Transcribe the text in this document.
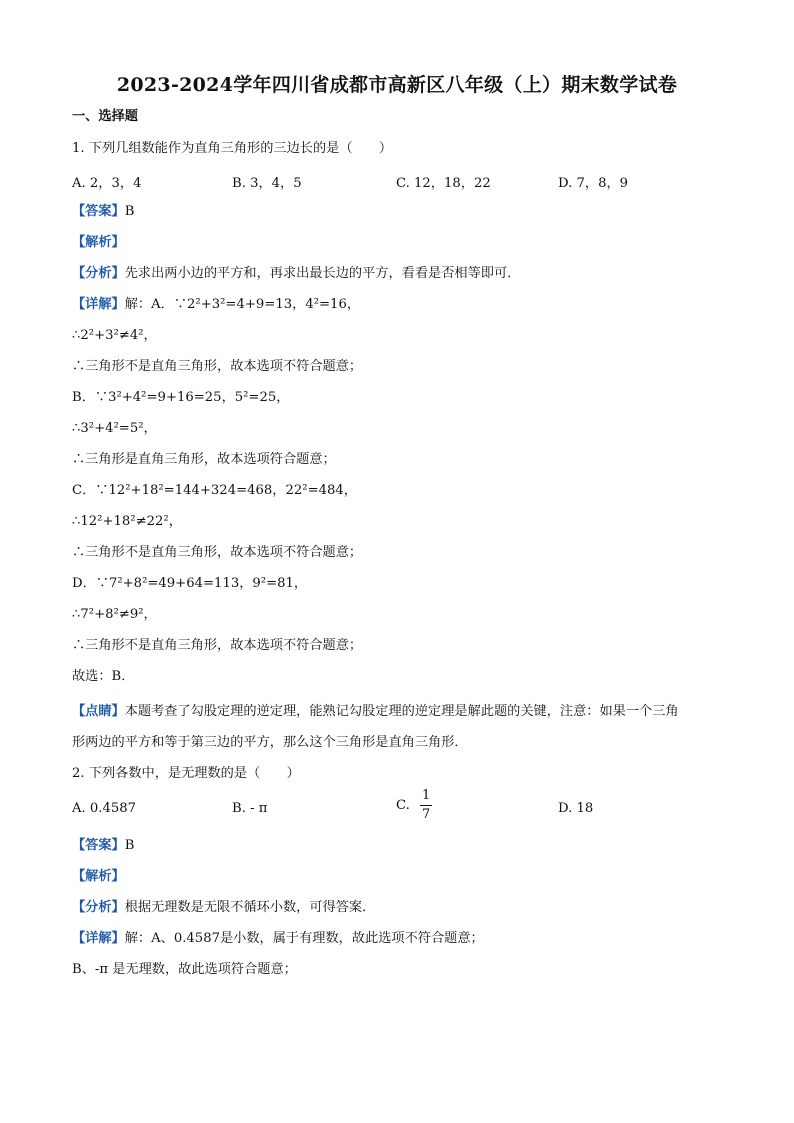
2023-2024学年四川省成都市高新区八年级（上）期末数学试卷
一、选择题
1. 下列几组数能作为直角三角形的三边长的是（　　）
A. 2，3，4	B. 3，4，5	C. 12，18，22	D. 7，8，9
【答案】B
【解析】
【分析】先求出两小边的平方和，再求出最长边的平方，看看是否相等即可．
【详解】解：A．∵2²+3²=4+9=13，4²=16，
∴2²+3²≠4²，
∴三角形不是直角三角形，故本选项不符合题意；
B．∵3²+4²=9+16=25，5²=25，
∴3²+4²=5²，
∴三角形是直角三角形，故本选项符合题意；
C．∵12²+18²=144+324=468，22²=484，
∴12²+18²≠22²，
∴三角形不是直角三角形，故本选项不符合题意；
D．∵7²+8²=49+64=113，9²=81，
∴7²+8²≠9²，
∴三角形不是直角三角形，故本选项不符合题意；
故选：B．
【点睛】本题考查了勾股定理的逆定理，能熟记勾股定理的逆定理是解此题的关键，注意：如果一个三角
形两边的平方和等于第三边的平方，那么这个三角形是直角三角形．
2. 下列各数中，是无理数的是（　　）
A. 0.4587	B. - π	C. $\frac{1}{7}$	D. 18
【答案】B
【解析】
【分析】根据无理数是无限不循环小数，可得答案．
【详解】解：A、0.4587是小数，属于有理数，故此选项不符合题意；
B、-π 是无理数，故此选项符合题意；
